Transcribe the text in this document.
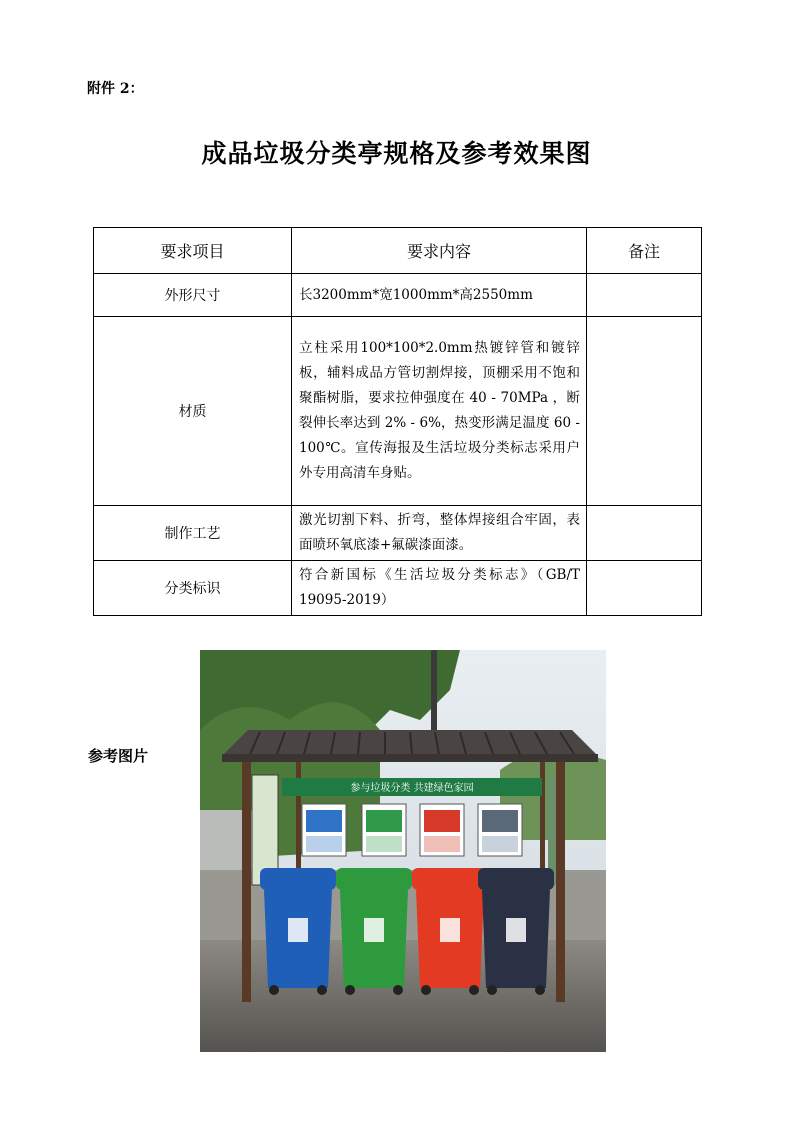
附件 2：
成品垃圾分类亭规格及参考效果图
要求项目	要求内容	备注
外形尺寸	长3200mm*宽1000mm*高2550mm	
材质	立柱采用100*100*2.0mm热镀锌管和镀锌板，辅料成品方管切割焊接，顶棚采用不饱和聚酯树脂，要求拉伸强度在 40 - 70MPa ，断裂伸长率达到 2% - 6%，热变形满足温度 60 - 100℃。宣传海报及生活垃圾分类标志采用户外专用高清车身贴。	
制作工艺	激光切割下料、折弯，整体焊接组合牢固，表面喷环氧底漆+氟碳漆面漆。	
分类标识	符合新国标《生活垃圾分类标志》（GB/T 19095-2019）	
参考图片
参与垃圾分类 共建绿色家园
